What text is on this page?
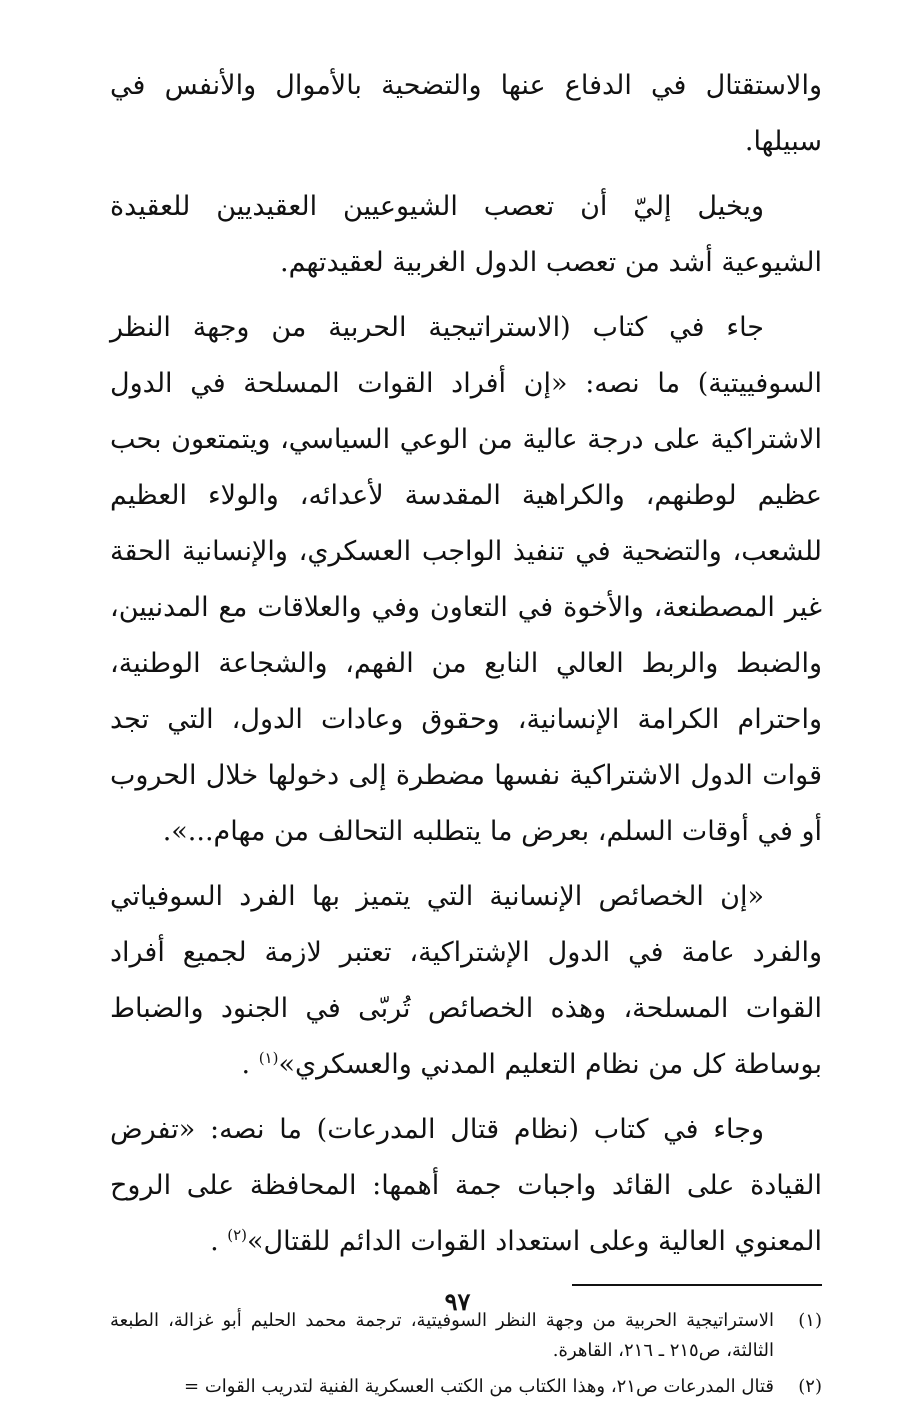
والاستقتال في الدفاع عنها والتضحية بالأموال والأنفس في سبيلها.

ويخيل إليّ أن تعصب الشيوعيين العقيديين للعقيدة الشيوعية أشد من تعصب الدول الغربية لعقيدتهم.

جاء في كتاب (الاستراتيجية الحربية من وجهة النظر السوفييتية) ما نصه: «إن أفراد القوات المسلحة في الدول الاشتراكية على درجة عالية من الوعي السياسي، ويتمتعون بحب عظيم لوطنهم، والكراهية المقدسة لأعدائه، والولاء العظيم للشعب، والتضحية في تنفيذ الواجب العسكري، والإنسانية الحقة غير المصطنعة، والأخوة في التعاون وفي والعلاقات مع المدنيين، والضبط والربط العالي النابع من الفهم، والشجاعة الوطنية، واحترام الكرامة الإنسانية، وحقوق وعادات الدول، التي تجد قوات الدول الاشتراكية نفسها مضطرة إلى دخولها خلال الحروب أو في أوقات السلم، بعرض ما يتطلبه التحالف من مهام...».

«إن الخصائص الإنسانية التي يتميز بها الفرد السوفياتي والفرد عامة في الدول الإشتراكية، تعتبر لازمة لجميع أفراد القوات المسلحة، وهذه الخصائص تُربّى في الجنود والضباط بوساطة كل من نظام التعليم المدني والعسكري»$^{(١)}$ .

وجاء في كتاب (نظام قتال المدرعات) ما نصه: «تفرض القيادة على القائد واجبات جمة أهمها: المحافظة على الروح المعنوي العالية وعلى استعداد القوات الدائم للقتال»$^{(٢)}$ .

(١)
الاستراتيجية الحربية من وجهة النظر السوفيتية، ترجمة محمد الحليم أبو غزالة، الطبعة الثالثة، ص٢١٥ ـ ٢١٦، القاهرة.
(٢)
قتال المدرعات ص٢١، وهذا الكتاب من الكتب العسكرية الفنية لتدريب القوات =
٩٧
